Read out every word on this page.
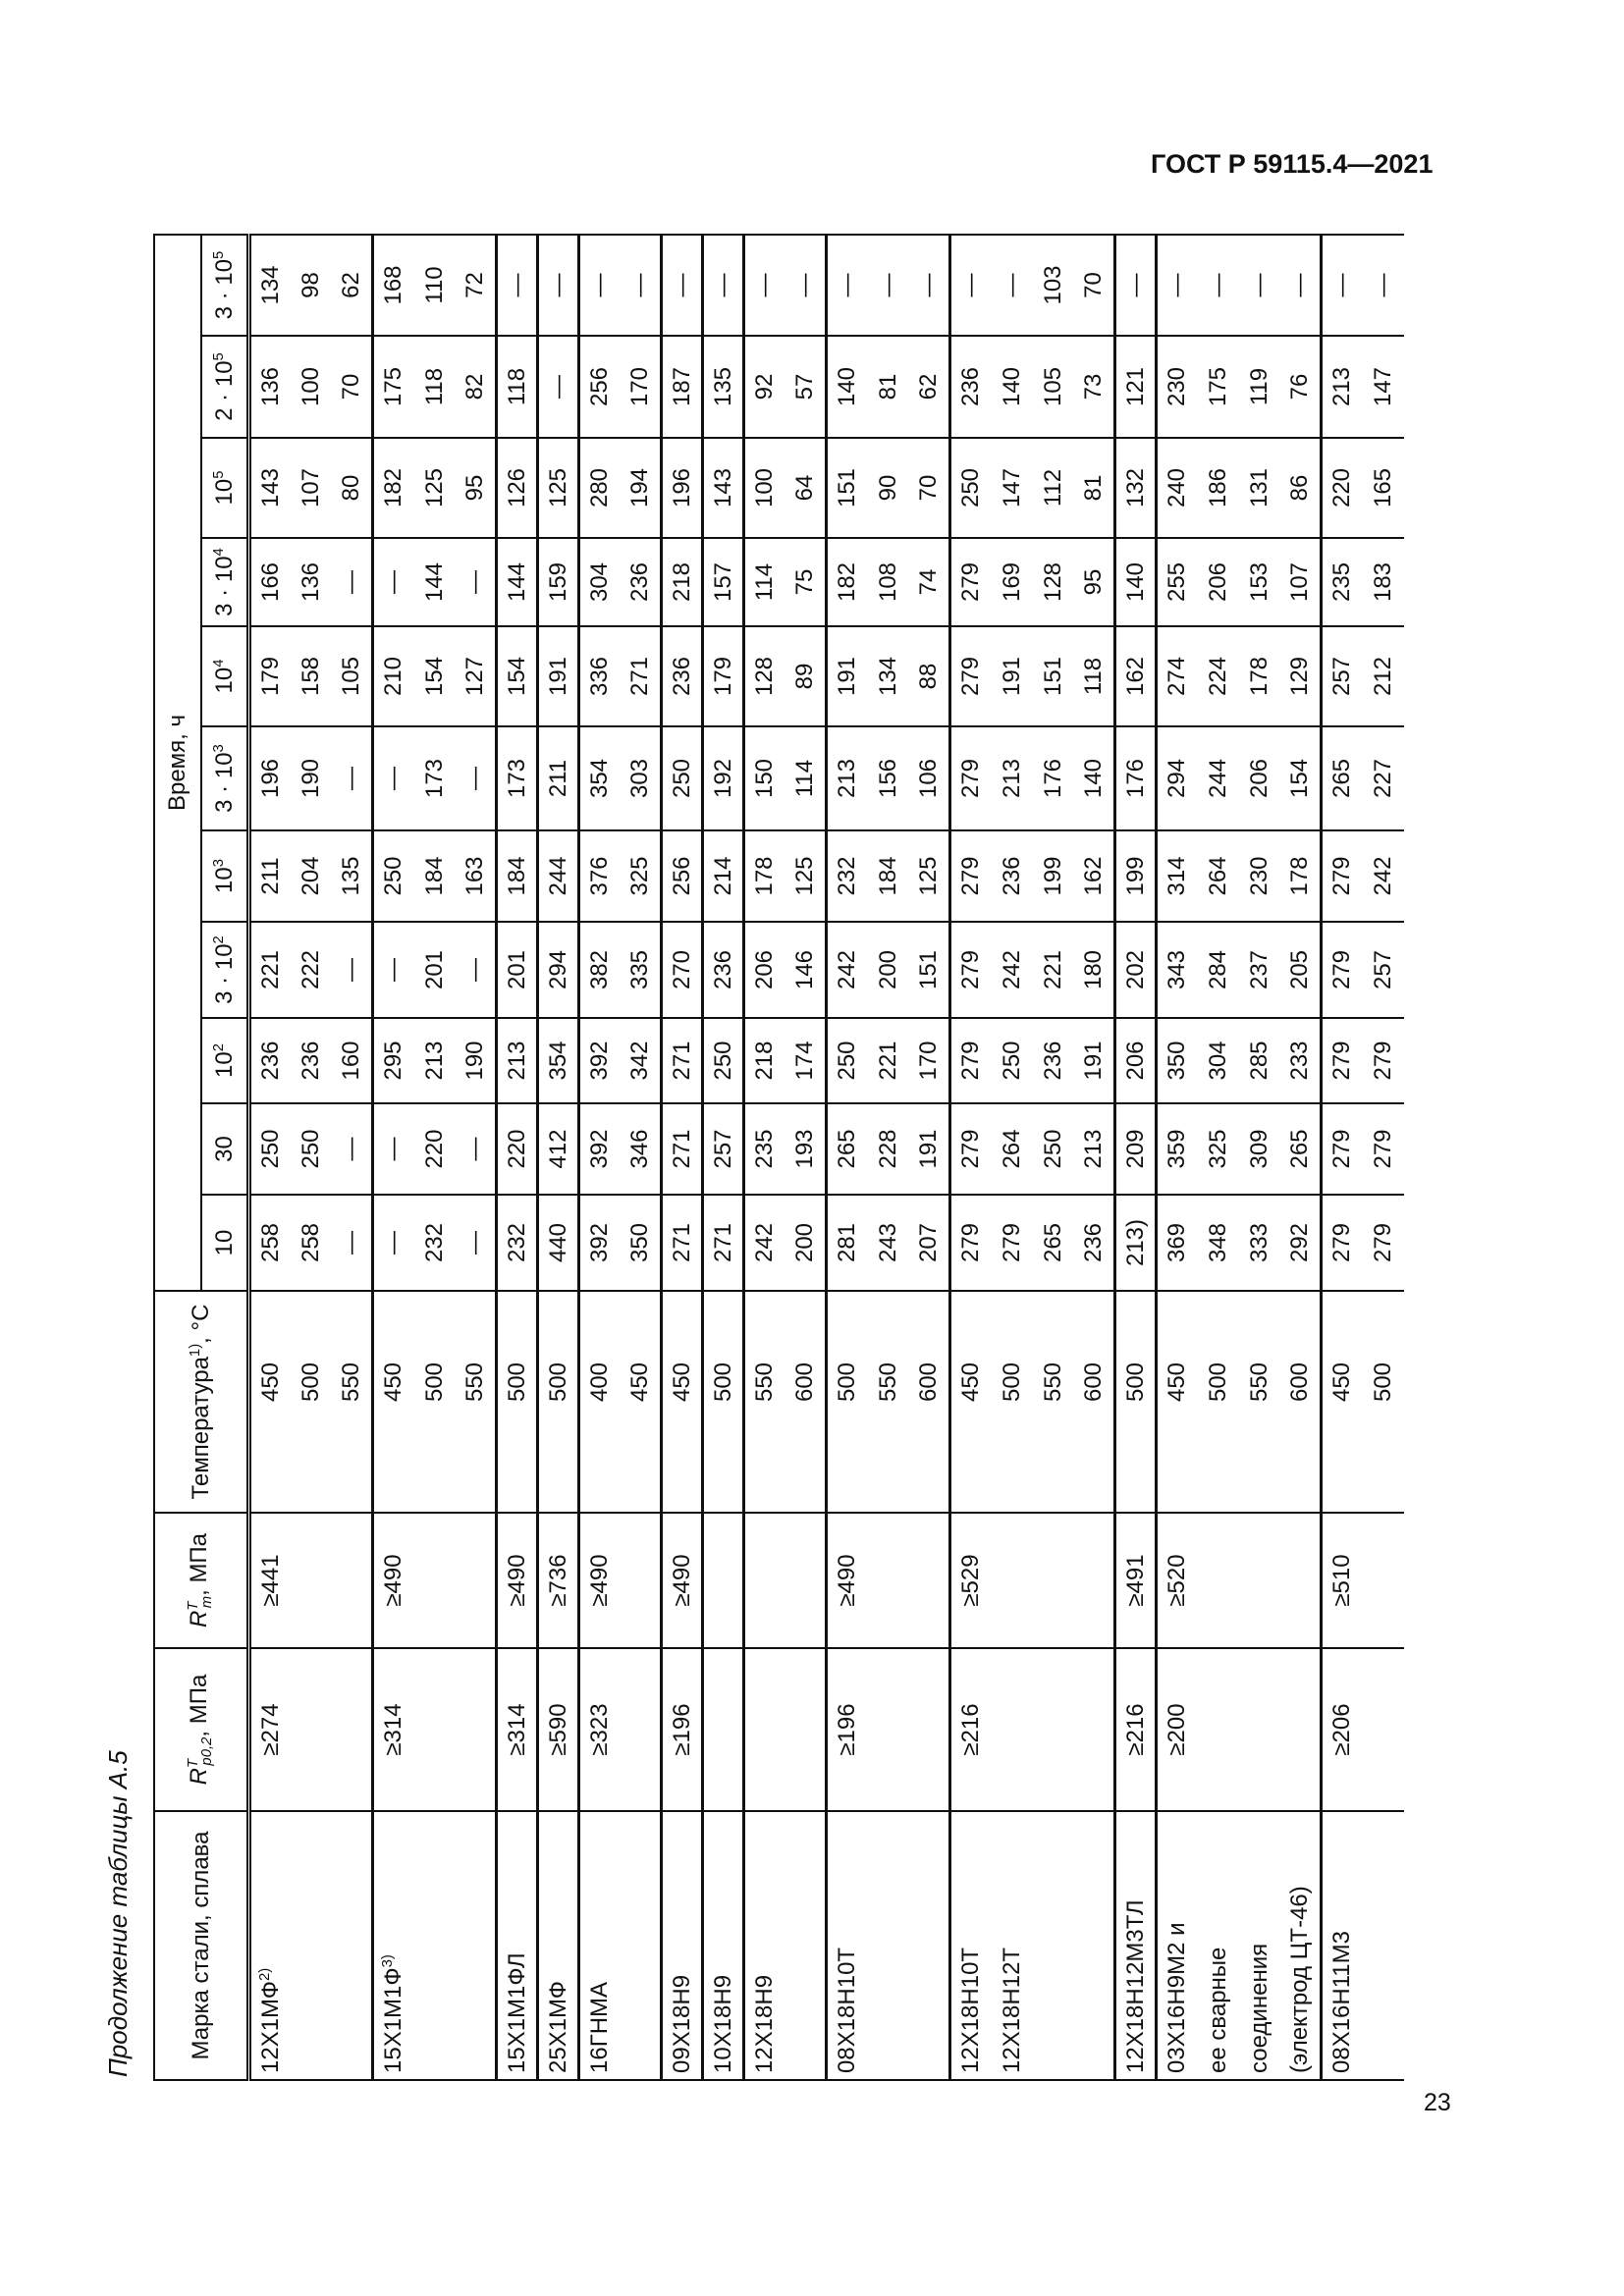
ГОСТ Р 59115.4—2021
23
Продолжение таблицы А.5	Марка стали, сплава	$R^T_{p0,2}$, МПа	$R^T_m$, МПа	Температура$^{1)}$, °С	Время, ч										
				10	30	$10^2$	$3 \cdot 10^2$	$10^3$	$3 \cdot 10^3$	$10^4$	$3 \cdot 10^4$	$10^5$	$2 \cdot 10^5$	$3 \cdot 10^5$
$12Х1МФ^{2)}$	≥274	≥441	450	258	250	236	221	211	196	179	166	143	136	134
			500	258	250	236	222	204	190	158	136	107	100	98
			550	—	—	160	—	135	—	105	—	80	70	62
$15Х1М1Ф^{3)}$	≥314	≥490	450	—	—	295	—	250	—	210	—	182	175	168
			500	232	220	213	201	184	173	154	144	125	118	110
			550	—	—	190	—	163	—	127	—	95	82	72
15Х1М1ФЛ	≥314	≥490	500	232	220	213	201	184	173	154	144	126	118	—
25Х1МФ	≥590	≥736	500	440	412	354	294	244	211	191	159	125	—	—
16ГНМА	≥323	≥490	400	392	392	392	382	376	354	336	304	280	256	—
			450	350	346	342	335	325	303	271	236	194	170	—
09Х18Н9	≥196	≥490	450	271	271	271	270	256	250	236	218	196	187	—
10Х18Н9			500	271	257	250	236	214	192	179	157	143	135	—
12Х18Н9			550	242	235	218	206	178	150	128	114	100	92	—
			600	200	193	174	146	125	114	89	75	64	57	—
08Х18Н10Т	≥196	≥490	500	281	265	250	242	232	213	191	182	151	140	—
			550	243	228	221	200	184	156	134	108	90	81	—
			600	207	191	170	151	125	106	88	74	70	62	—
12Х18Н10Т	≥216	≥529	450	279	279	279	279	279	279	279	279	250	236	—
12Х18Н12Т			500	279	264	250	242	236	213	191	169	147	140	—
			550	265	250	236	221	199	176	151	128	112	105	103
			600	236	213	191	180	162	140	118	95	81	73	70
12Х18Н12М3ТЛ	≥216	≥491	500	213)	209	206	202	199	176	162	140	132	121	—
03Х16Н9М2 и	≥200	≥520	450	369	359	350	343	314	294	274	255	240	230	—
ее сварные			500	348	325	304	284	264	244	224	206	186	175	—
соединения			550	333	309	285	237	230	206	178	153	131	119	—
(электрод ЦТ-46)			600	292	265	233	205	178	154	129	107	86	76	—
08Х16Н11М3	≥206	≥510	450	279	279	279	279	279	265	257	235	220	213	—
			500	279	279	279	257	242	227	212	183	165	147	—
